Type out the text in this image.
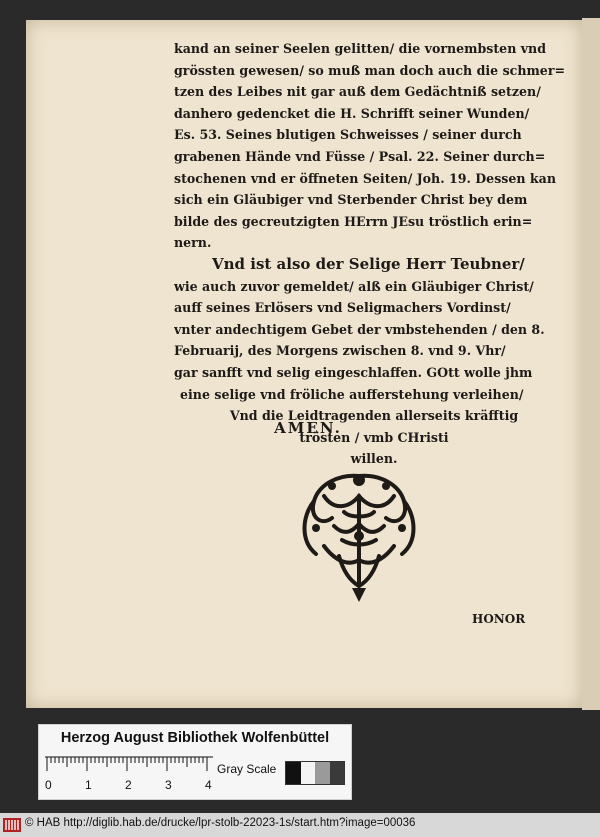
kand an seiner Seelen gelitten/ die vornembsten vnd
grössten gewesen/ so muß man doch auch die schmer=
tzen des Leibes nit gar auß dem Gedächtniß setzen/
danhero gedencket die H. Schrifft seiner Wunden/
Es. 53. Seines blutigen Schweisses / seiner durch
grabenen Hände vnd Füsse / Psal. 22. Seiner durch=
stochenen vnd er öffneten Seiten/ Joh. 19. Dessen kan
sich ein Gläubiger vnd Sterbender Christ bey dem
bilde des gecreutzigten HErrn JEsu tröstlich erin=
nern.
Vnd ist also der Selige Herr Teubner/
wie auch zuvor gemeldet/ alß ein Gläubiger Christ/
auff seines Erlösers vnd Seligmachers Vordinst/
vnter andechtigem Gebet der vmbstehenden / den 8.
Februarij, des Morgens zwischen 8. vnd 9. Vhr/
gar sanfft vnd selig eingeschlaffen. GOtt wolle jhm
eine selige vnd fröliche aufferstehung verleihen/
Vnd die Leidtragenden allerseits kräfftig
trösten / vmb CHristi
willen.
AMEN.
HONOR
Herzog August Bibliothek Wolfenbüttel
0	1	2	3	4
Gray Scale
© HAB http://diglib.hab.de/drucke/lpr-stolb-22023-1s/start.htm?image=00036
